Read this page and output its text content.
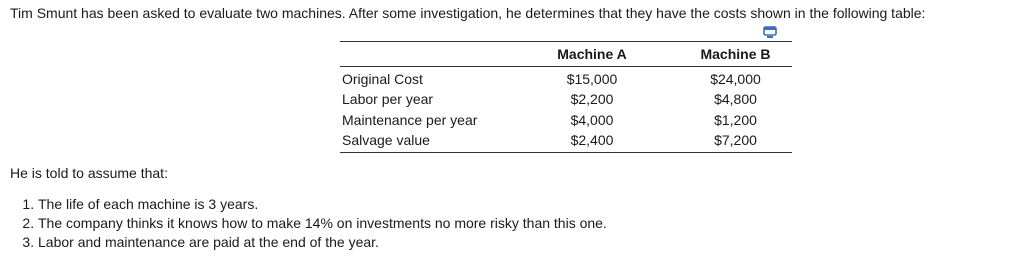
Tim Smunt has been asked to evaluate two machines. After some investigation, he determines that they have the costs shown in the following table:
	Machine A	Machine B
Original Cost	$15,000	$24,000
Labor per year	$2,200	$4,800
Maintenance per year	$4,000	$1,200
Salvage value	$2,400	$7,200
He is told to assume that:
1. The life of each machine is 3 years.
2. The company thinks it knows how to make 14% on investments no more risky than this one.
3. Labor and maintenance are paid at the end of the year.
